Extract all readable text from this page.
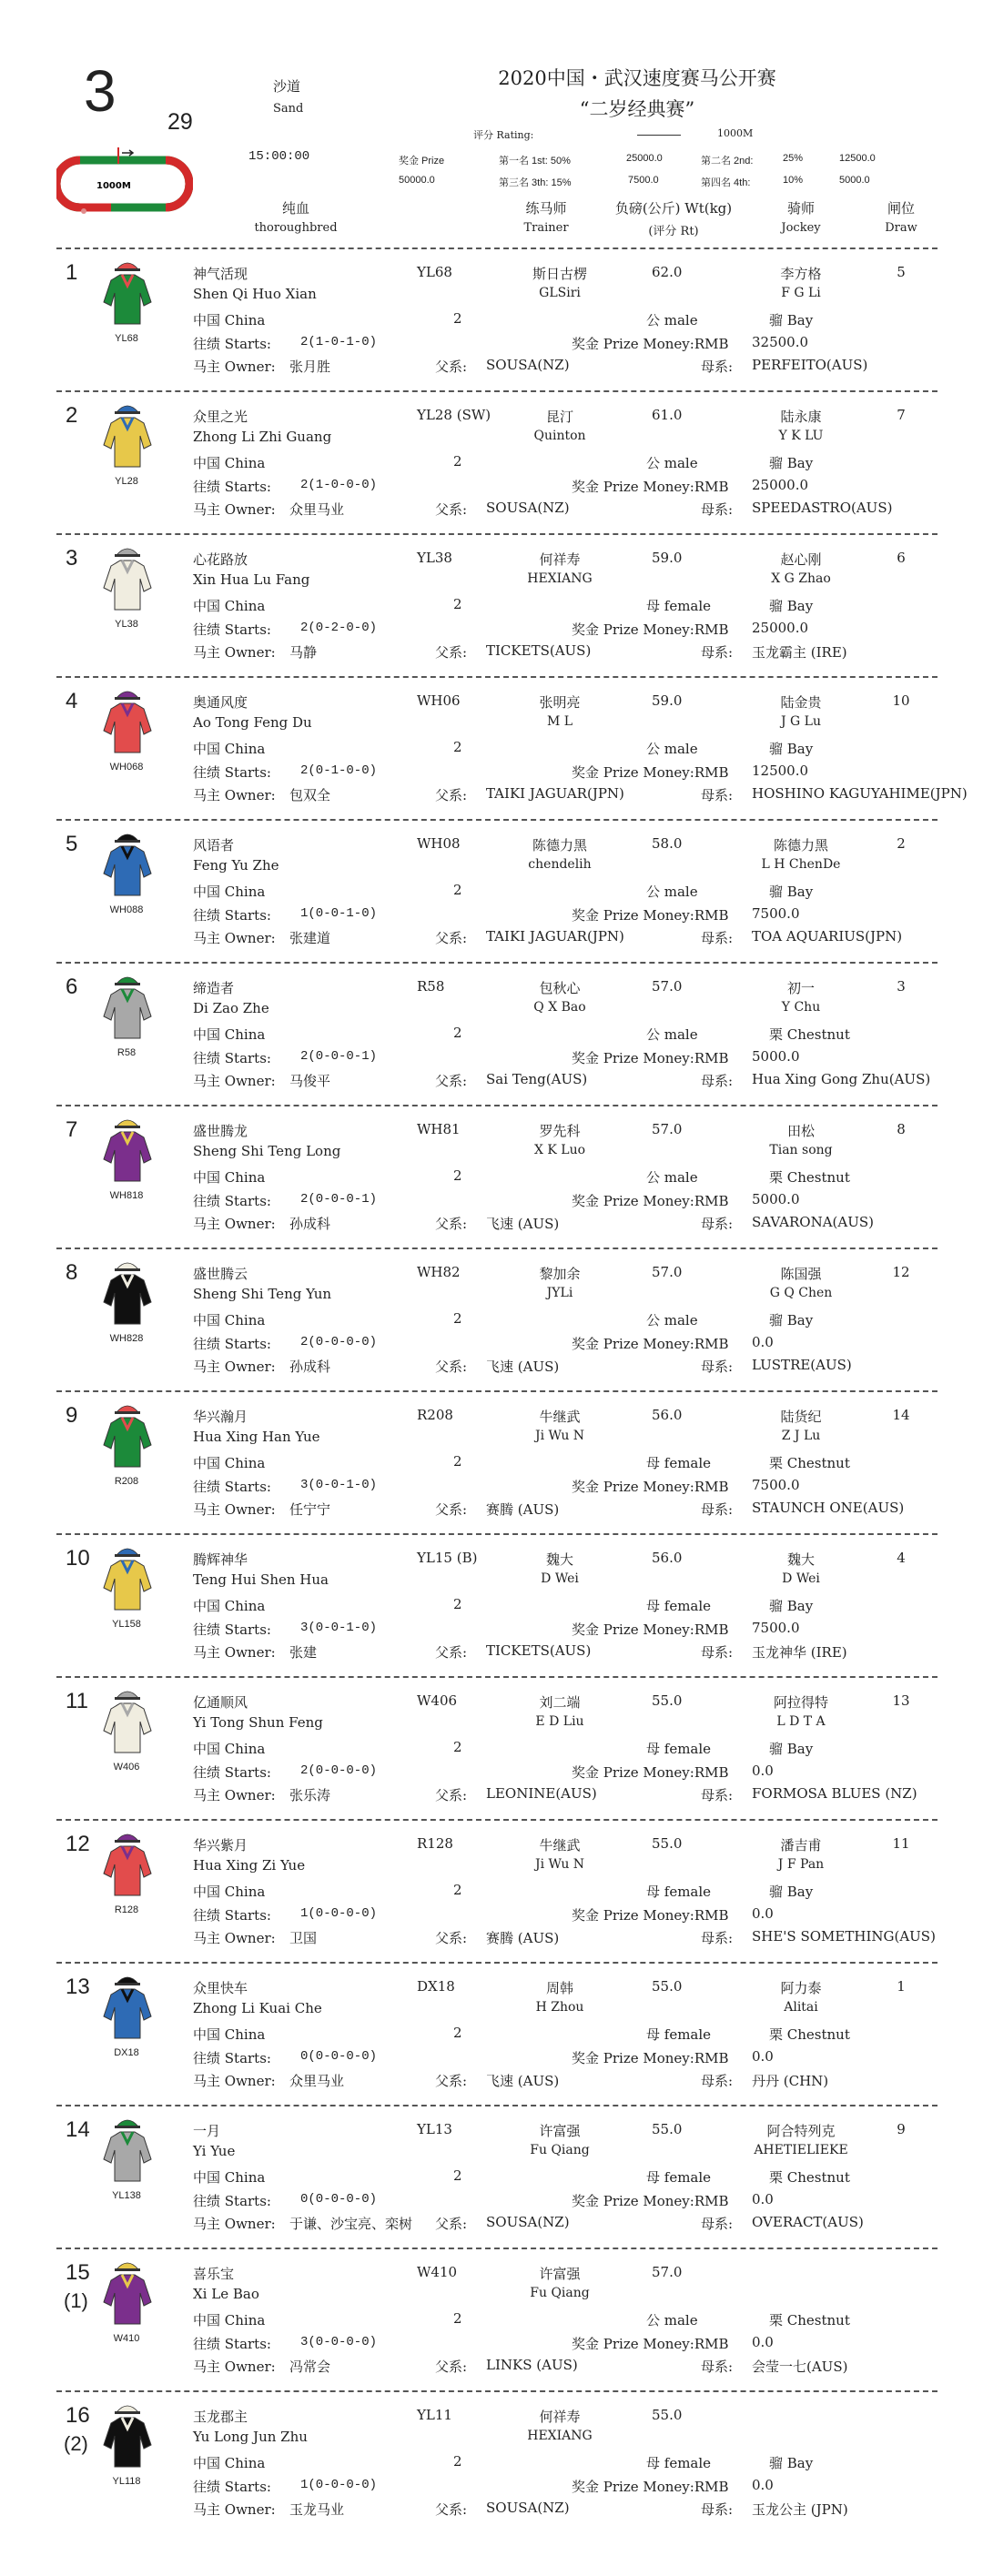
3 29
1000M
沙道
Sand
2020中国・武汉速度赛马公开赛
“二岁经典赛”
评分 Rating:	1000M
15:00:00	奖金 Prize
50000.0
第一名 1st: 50%	25000.0
第三名 3th: 15%	7500.0
第二名 2nd:	25%	12500.0
第四名 4th:	10%	5000.0
纯血
thoroughbred
练马师
Trainer
负磅(公斤) Wt(kg)
(评分 Rt)
骑师
Jockey
闸位
Draw
1
YL68
神气活现
Shen Qi Huo Xian
YL68	斯日古楞
GLSiri
62.0	李方格
F G Li
5
中国 China	2	公 male	骝 Bay
往绩 Starts: 2(1-0-1-0)	奖金 Prize Money:RMB 32500.0
马主 Owner: 张月胜	父系: SOUSA(NZ)	母系: PERFEITO(AUS)
2
YL28
众里之光
Zhong Li Zhi Guang
YL28 (SW)	昆汀
Quinton
61.0	陆永康
Y K LU
7
中国 China	2	公 male	骝 Bay
往绩 Starts: 2(1-0-0-0)	奖金 Prize Money:RMB 25000.0
马主 Owner: 众里马业	父系: SOUSA(NZ)	母系: SPEEDASTRO(AUS)
3
YL38
心花路放
Xin Hua Lu Fang
YL38	何祥寿
HEXIANG
59.0	赵心刚
X G Zhao
6
中国 China	2	母 female	骝 Bay
往绩 Starts: 2(0-2-0-0)	奖金 Prize Money:RMB 25000.0
马主 Owner: 马静	父系: TICKETS(AUS)	母系: 玉龙霸主 (IRE)
4
WH068
奥通风度
Ao Tong Feng Du
WH06	张明亮
M L
59.0	陆金贵
J G Lu
10
中国 China	2	公 male	骝 Bay
往绩 Starts: 2(0-1-0-0)	奖金 Prize Money:RMB 12500.0
马主 Owner: 包双全	父系: TAIKI JAGUAR(JPN)	母系: HOSHINO KAGUYAHIME(JPN)
5
WH088
风语者
Feng Yu Zhe
WH08	陈德力黑
chendelih
58.0	陈德力黑
L H ChenDe
2
中国 China	2	公 male	骝 Bay
往绩 Starts: 1(0-0-1-0)	奖金 Prize Money:RMB 7500.0
马主 Owner: 张建道	父系: TAIKI JAGUAR(JPN)	母系: TOA AQUARIUS(JPN)
6
R58
缔造者
Di Zao Zhe
R58	包秋心
Q X Bao
57.0	初一
Y Chu
3
中国 China	2	公 male	栗 Chestnut
往绩 Starts: 2(0-0-0-1)	奖金 Prize Money:RMB 5000.0
马主 Owner: 马俊平	父系: Sai Teng(AUS)	母系: Hua Xing Gong Zhu(AUS)
7
WH818
盛世腾龙
Sheng Shi Teng Long
WH81	罗先科
X K Luo
57.0	田松
Tian song
8
中国 China	2	公 male	栗 Chestnut
往绩 Starts: 2(0-0-0-1)	奖金 Prize Money:RMB 5000.0
马主 Owner: 孙成科	父系: 飞速 (AUS)	母系: SAVARONA(AUS)
8
WH828
盛世腾云
Sheng Shi Teng Yun
WH82	黎加余
JYLi
57.0	陈国强
G Q Chen
12
中国 China	2	公 male	骝 Bay
往绩 Starts: 2(0-0-0-0)	奖金 Prize Money:RMB 0.0
马主 Owner: 孙成科	父系: 飞速 (AUS)	母系: LUSTRE(AUS)
9
R208
华兴瀚月
Hua Xing Han Yue
R208	牛继武
Ji Wu N
56.0	陆货纪
Z J Lu
14
中国 China	2	母 female	栗 Chestnut
往绩 Starts: 3(0-0-1-0)	奖金 Prize Money:RMB 7500.0
马主 Owner: 任宁宁	父系: 赛腾 (AUS)	母系: STAUNCH ONE(AUS)
10
YL158
腾辉神华
Teng Hui Shen Hua
YL15 (B)	魏大
D Wei
56.0	魏大
D Wei
4
中国 China	2	母 female	骝 Bay
往绩 Starts: 3(0-0-1-0)	奖金 Prize Money:RMB 7500.0
马主 Owner: 张建	父系: TICKETS(AUS)	母系: 玉龙神华 (IRE)
11
W406
亿通顺风
Yi Tong Shun Feng
W406	刘二端
E D Liu
55.0	阿拉得特
L D T A
13
中国 China	2	母 female	骝 Bay
往绩 Starts: 2(0-0-0-0)	奖金 Prize Money:RMB 0.0
马主 Owner: 张乐涛	父系: LEONINE(AUS)	母系: FORMOSA BLUES (NZ)
12
R128
华兴紫月
Hua Xing Zi Yue
R128	牛继武
Ji Wu N
55.0	潘吉甫
J F Pan
11
中国 China	2	母 female	骝 Bay
往绩 Starts: 1(0-0-0-0)	奖金 Prize Money:RMB 0.0
马主 Owner: 卫国	父系: 赛腾 (AUS)	母系: SHE'S SOMETHING(AUS)
13
DX18
众里快车
Zhong Li Kuai Che
DX18	周韩
H Zhou
55.0	阿力泰
Alitai
1
中国 China	2	母 female	栗 Chestnut
往绩 Starts: 0(0-0-0-0)	奖金 Prize Money:RMB 0.0
马主 Owner: 众里马业	父系: 飞速 (AUS)	母系: 丹丹 (CHN)
14
YL138
一月
Yi Yue
YL13	许富强
Fu Qiang
55.0	阿合特列克
AHETIELIEKE
9
中国 China	2	母 female	栗 Chestnut
往绩 Starts: 0(0-0-0-0)	奖金 Prize Money:RMB 0.0
马主 Owner: 于谦、沙宝亮、栾树 父系: SOUSA(NZ)	母系: OVERACT(AUS)
15
(1)
W410
喜乐宝
Xi Le Bao
W410	许富强
Fu Qiang
57.0
中国 China	2	公 male	栗 Chestnut
往绩 Starts: 3(0-0-0-0)	奖金 Prize Money:RMB 0.0
马主 Owner: 冯常会	父系: LINKS (AUS)	母系: 会莹一七(AUS)
16
(2)
YL118
玉龙郡主
Yu Long Jun Zhu
YL11	何祥寿
HEXIANG
55.0
中国 China	2	母 female	骝 Bay
往绩 Starts: 1(0-0-0-0)	奖金 Prize Money:RMB 0.0
马主 Owner: 玉龙马业	父系: SOUSA(NZ)	母系: 玉龙公主 (JPN)
